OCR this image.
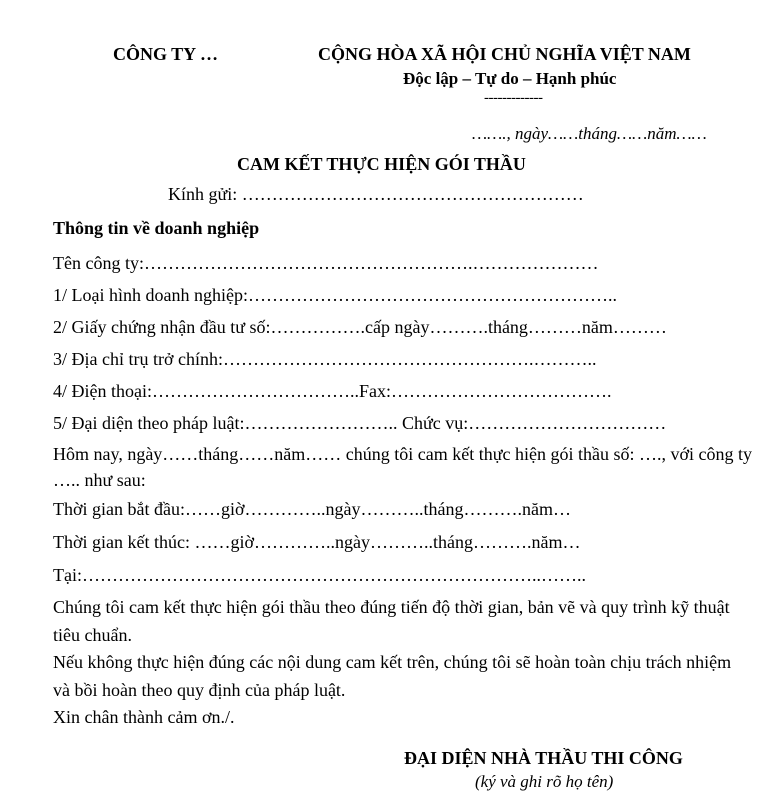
CÔNG TY …	CỘNG HÒA XÃ HỘI CHỦ NGHĨA VIỆT NAM
Độc lập – Tự do – Hạnh phúc
-------------
……., ngày……tháng……năm……
CAM KẾT THỰC HIỆN GÓI THẦU
Kính gửi: …………………………………………………
Thông tin về doanh nghiệp
Tên công ty:……………………………………………….…………………
1/ Loại hình doanh nghiệp:……………………………………………………..
2/ Giấy chứng nhận đầu tư số:…………….cấp ngày……….tháng………năm………
3/ Địa chỉ trụ trở chính:…………………………………………….………..
4/ Điện thoại:……………………………..Fax:……………………………….
5/ Đại diện theo pháp luật:…………………….. Chức vụ:……………………………
Hôm nay, ngày……tháng……năm…… chúng tôi cam kết thực hiện gói thầu số: …., với công ty ….. như sau:
Thời gian bắt đầu:……giờ…………..ngày………..tháng……….năm…
Thời gian kết thúc: ……giờ…………..ngày………..tháng……….năm…
Tại:…………………………………………………………………..……..
Chúng tôi cam kết thực hiện gói thầu theo đúng tiến độ thời gian, bản vẽ và quy trình kỹ thuật tiêu chuẩn.
Nếu không thực hiện đúng các nội dung cam kết trên, chúng tôi sẽ hoàn toàn chịu trách nhiệm và bồi hoàn theo quy định của pháp luật.
Xin chân thành cảm ơn./.
ĐẠI DIỆN NHÀ THẦU THI CÔNG
(ký và ghi rõ họ tên)
